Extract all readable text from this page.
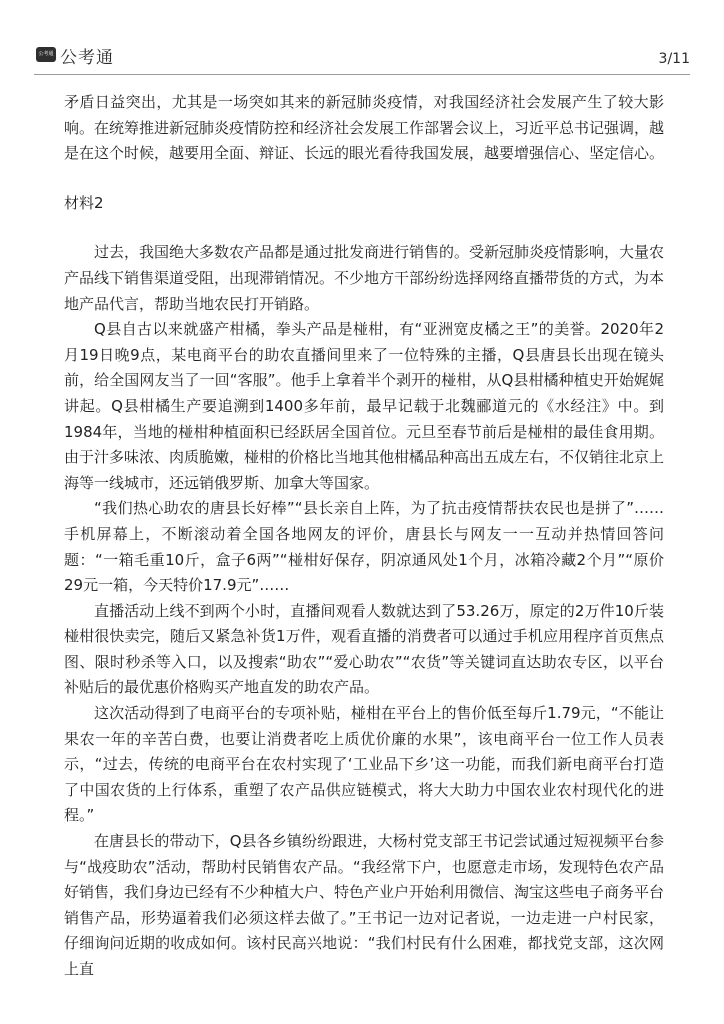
公考通 公考通	3/11

矛盾日益突出，尤其是一场突如其来的新冠肺炎疫情，对我国经济社会发展产生了较大影响。在统筹推进新冠肺炎疫情防控和经济社会发展工作部署会议上，习近平总书记强调，越是在这个时候，越要用全面、辩证、长远的眼光看待我国发展，越要增强信心、坚定信心。

材料2

过去，我国绝大多数农产品都是通过批发商进行销售的。受新冠肺炎疫情影响，大量农产品线下销售渠道受阻，出现滞销情况。不少地方干部纷纷选择网络直播带货的方式，为本地产品代言，帮助当地农民打开销路。

Q县自古以来就盛产柑橘，拳头产品是椪柑，有“亚洲宽皮橘之王”的美誉。2020年2月19日晚9点，某电商平台的助农直播间里来了一位特殊的主播，Q县唐县长出现在镜头前，给全国网友当了一回“客服”。他手上拿着半个剥开的椪柑，从Q县柑橘种植史开始娓娓讲起。Q县柑橘生产要追溯到1400多年前，最早记载于北魏郦道元的《水经注》中。到1984年，当地的椪柑种植面积已经跃居全国首位。元旦至春节前后是椪柑的最佳食用期。由于汁多味浓、肉质脆嫩，椪柑的价格比当地其他柑橘品种高出五成左右，不仅销往北京上海等一线城市，还远销俄罗斯、加拿大等国家。

“我们热心助农的唐县长好棒”“县长亲自上阵，为了抗击疫情帮扶农民也是拼了”……手机屏幕上，不断滚动着全国各地网友的评价，唐县长与网友一一互动并热情回答问题：“一箱毛重10斤，盒子6两”“椪柑好保存，阴凉通风处1个月，冰箱冷藏2个月”“原价29元一箱，今天特价17.9元”……

直播活动上线不到两个小时，直播间观看人数就达到了53.26万，原定的2万件10斤装椪柑很快卖完，随后又紧急补货1万件，观看直播的消费者可以通过手机应用程序首页焦点图、限时秒杀等入口，以及搜索“助农”“爱心助农”“农货”等关键词直达助农专区，以平台补贴后的最优惠价格购买产地直发的助农产品。

这次活动得到了电商平台的专项补贴，椪柑在平台上的售价低至每斤1.79元，“不能让果农一年的辛苦白费，也要让消费者吃上质优价廉的水果”，该电商平台一位工作人员表示，“过去，传统的电商平台在农村实现了‘工业品下乡’这一功能，而我们新电商平台打造了中国农货的上行体系，重塑了农产品供应链模式，将大大助力中国农业农村现代化的进程。”

在唐县长的带动下，Q县各乡镇纷纷跟进，大杨村党支部王书记尝试通过短视频平台参与“战疫助农”活动，帮助村民销售农产品。“我经常下户，也愿意走市场，发现特色农产品好销售，我们身边已经有不少种植大户、特色产业户开始利用微信、淘宝这些电子商务平台销售产品，形势逼着我们必须这样去做了。”王书记一边对记者说，一边走进一户村民家，仔细询问近期的收成如何。该村民高兴地说：“我们村民有什么困难，都找党支部，这次网上直
